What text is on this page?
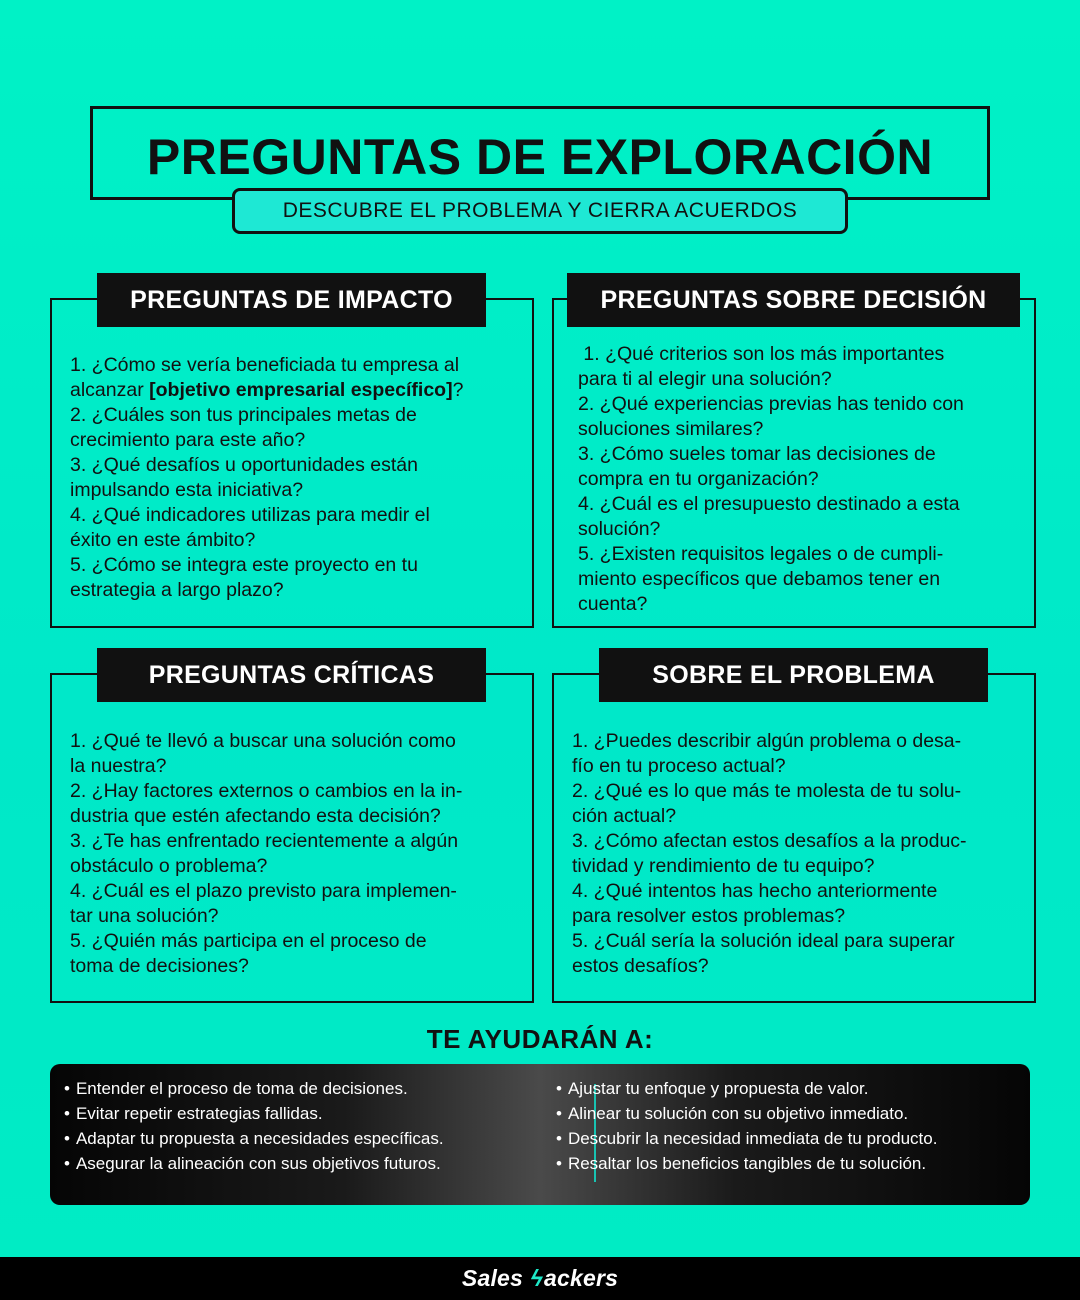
PREGUNTAS DE EXPLORACIÓN
DESCUBRE EL PROBLEMA Y CIERRA ACUERDOS
1. ¿Cómo se vería beneficiada tu empresa al
alcanzar [objetivo empresarial específico]?
2. ¿Cuáles son tus principales metas de
crecimiento para este año?
3. ¿Qué desafíos u oportunidades están
impulsando esta iniciativa?
4. ¿Qué indicadores utilizas para medir el
éxito en este ámbito?
5. ¿Cómo se integra este proyecto en tu
estrategia a largo plazo?
PREGUNTAS DE IMPACTO
1. ¿Qué criterios son los más importantes
para ti al elegir una solución?
2. ¿Qué experiencias previas has tenido con
soluciones similares?
3. ¿Cómo sueles tomar las decisiones de
compra en tu organización?
4. ¿Cuál es el presupuesto destinado a esta
solución?
5. ¿Existen requisitos legales o de cumpli-
miento específicos que debamos tener en
cuenta?
PREGUNTAS SOBRE DECISIÓN
1. ¿Qué te llevó a buscar una solución como
la nuestra?
2. ¿Hay factores externos o cambios en la in-
dustria que estén afectando esta decisión?
3. ¿Te has enfrentado recientemente a algún
obstáculo o problema?
4. ¿Cuál es el plazo previsto para implemen-
tar una solución?
5. ¿Quién más participa en el proceso de
toma de decisiones?
PREGUNTAS CRÍTICAS
1. ¿Puedes describir algún problema o desa-
fío en tu proceso actual?
2. ¿Qué es lo que más te molesta de tu solu-
ción actual?
3. ¿Cómo afectan estos desafíos a la produc-
tividad y rendimiento de tu equipo?
4. ¿Qué intentos has hecho anteriormente
para resolver estos problemas?
5. ¿Cuál sería la solución ideal para superar
estos desafíos?
SOBRE EL PROBLEMA
TE AYUDARÁN A:
• Entender el proceso de toma de decisiones.
• Evitar repetir estrategias fallidas.
• Adaptar tu propuesta a necesidades específicas.
• Asegurar la alineación con sus objetivos futuros.
• Ajustar tu enfoque y propuesta de valor.
• Alinear tu solución con su objetivo inmediato.
• Descubrir la necesidad inmediata de tu producto.
• Resaltar los beneficios tangibles de tu solución.
Sales ϟackers
